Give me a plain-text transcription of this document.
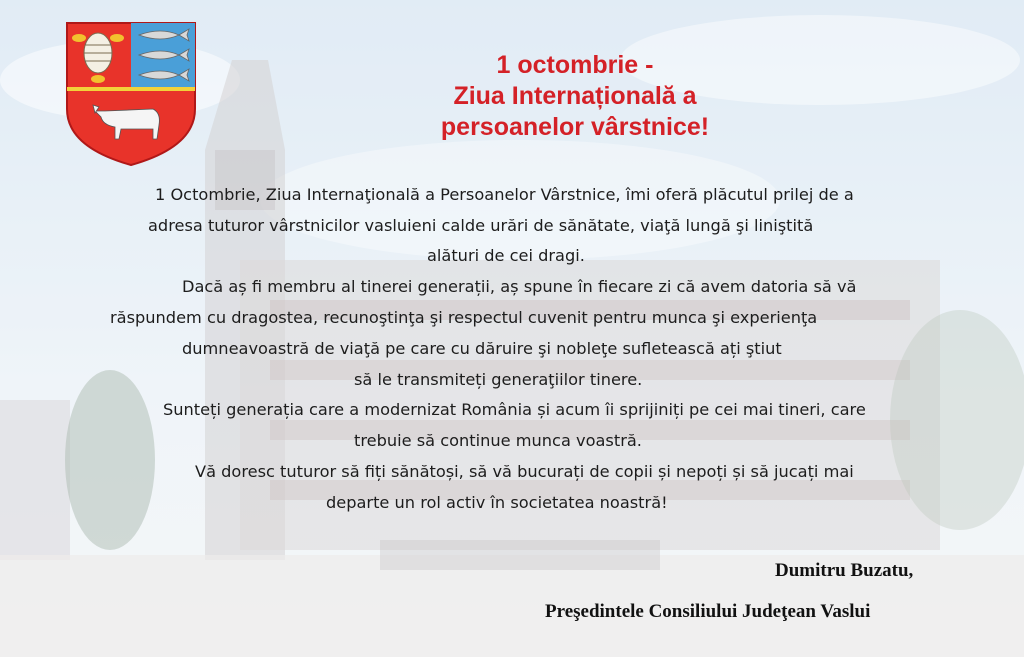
1 octombrie -
Ziua Internațională a
persoanelor vârstnice!
1 Octombrie, Ziua Internaţională a Persoanelor Vârstnice, îmi oferă plăcutul prilej de a
adresa tuturor vârstnicilor vasluieni calde urări de sănătate, viaţă lungă şi liniştită
alături de cei dragi.
Dacă aș fi membru al tinerei generații, aș spune în fiecare zi că avem datoria să vă
răspundem cu dragostea, recunoştinţa şi respectul cuvenit pentru munca şi experienţa
dumneavoastră de viaţă pe care cu dăruire şi nobleţe sufletească ați ştiut
să le transmiteți generaţiilor tinere.
Sunteți generația care a modernizat România și acum îi sprijiniți pe cei mai tineri, care
trebuie să continue munca voastră.
Vă doresc tuturor să fiți sănătoși, să vă bucurați de copii și nepoți și să jucați mai
departe un rol activ în societatea noastră!
Dumitru Buzatu,
Preşedintele Consiliului Judeţean Vaslui
